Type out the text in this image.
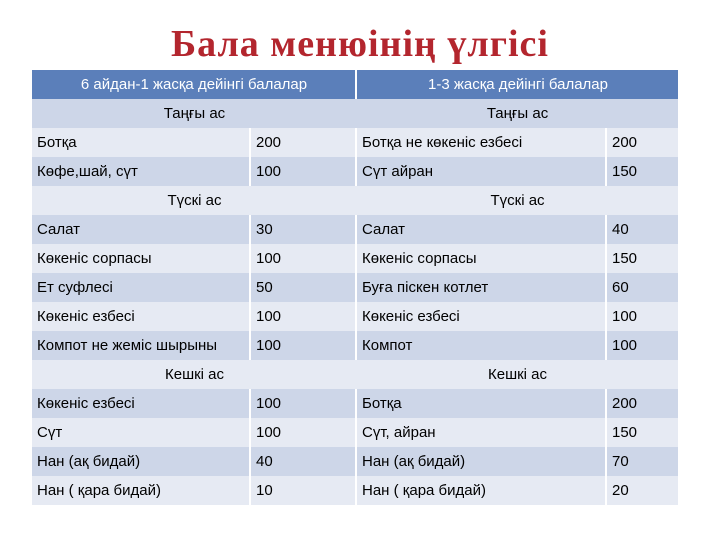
Бала менюінің үлгісі
6 айдан-1 жасқа дейінгі балалар		1-3 жасқа дейінгі балалар	
Таңғы ас		Таңғы ас	
Ботқа	200	Ботқа не көкеніс езбесі	200
Көфе,шай, сүт	100	Сүт айран	150
Түскі ас		Түскі ас	
Салат	30	Салат	40
Көкеніс сорпасы	100	Көкеніс сорпасы	150
Ет суфлесі	50	Буға піскен котлет	60
Көкеніс езбесі	100	Көкеніс езбесі	100
Компот не жеміс шырыны	100	Компот	100
Кешкі ас		Кешкі ас	
Көкеніс езбесі	100	Ботқа	200
Сүт	100	Сүт, айран	150
Нан (ақ бидай)	40	Нан (ақ бидай)	70
Нан ( қара бидай)	10	Нан ( қара бидай)	20
